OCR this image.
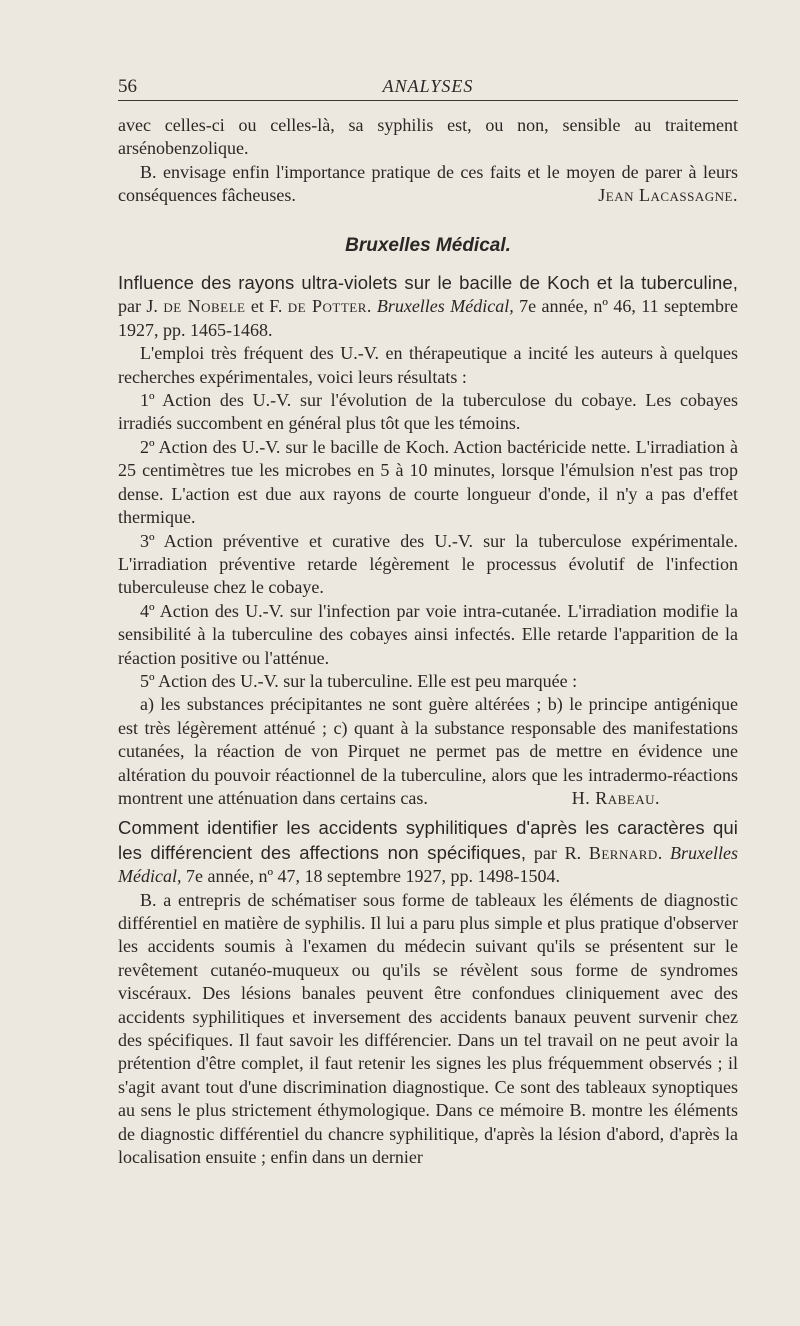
56	ANALYSES

avec celles-ci ou celles-là, sa syphilis est, ou non, sensible au traitement arsénobenzolique.

B. envisage enfin l'importance pratique de ces faits et le moyen de parer à leurs conséquences fâcheuses.	Jean Lacassagne.

Bruxelles Médical.

Influence des rayons ultra-violets sur le bacille de Koch et la tuberculine, par J. de Nobele et F. de Potter. Bruxelles Médical, 7e année, nº 46, 11 septembre 1927, pp. 1465-1468.

L'emploi très fréquent des U.-V. en thérapeutique a incité les auteurs à quelques recherches expérimentales, voici leurs résultats :

1º Action des U.-V. sur l'évolution de la tuberculose du cobaye. Les cobayes irradiés succombent en général plus tôt que les témoins.

2º Action des U.-V. sur le bacille de Koch. Action bactéricide nette. L'irradiation à 25 centimètres tue les microbes en 5 à 10 minutes, lorsque l'émulsion n'est pas trop dense. L'action est due aux rayons de courte longueur d'onde, il n'y a pas d'effet thermique.

3º Action préventive et curative des U.-V. sur la tuberculose expérimentale. L'irradiation préventive retarde légèrement le processus évolutif de l'infection tuberculeuse chez le cobaye.

4º Action des U.-V. sur l'infection par voie intra-cutanée. L'irradiation modifie la sensibilité à la tuberculine des cobayes ainsi infectés. Elle retarde l'apparition de la réaction positive ou l'atténue.

5º Action des U.-V. sur la tuberculine. Elle est peu marquée :

a) les substances précipitantes ne sont guère altérées ; b) le principe antigénique est très légèrement atténué ; c) quant à la substance responsable des manifestations cutanées, la réaction de von Pirquet ne permet pas de mettre en évidence une altération du pouvoir réactionnel de la tuberculine, alors que les intradermo-réactions montrent une atténuation dans certains cas.	H. Rabeau.

Comment identifier les accidents syphilitiques d'après les caractères qui les différencient des affections non spécifiques, par R. Bernard. Bruxelles Médical, 7e année, nº 47, 18 septembre 1927, pp. 1498-1504.

B. a entrepris de schématiser sous forme de tableaux les éléments de diagnostic différentiel en matière de syphilis. Il lui a paru plus simple et plus pratique d'observer les accidents soumis à l'examen du médecin suivant qu'ils se présentent sur le revêtement cutanéo-muqueux ou qu'ils se révèlent sous forme de syndromes viscéraux. Des lésions banales peuvent être confondues cliniquement avec des accidents syphilitiques et inversement des accidents banaux peuvent survenir chez des spécifiques. Il faut savoir les différencier. Dans un tel travail on ne peut avoir la prétention d'être complet, il faut retenir les signes les plus fréquemment observés ; il s'agit avant tout d'une discrimination diagnostique. Ce sont des tableaux synoptiques au sens le plus strictement éthymologique. Dans ce mémoire B. montre les éléments de diagnostic différentiel du chancre syphilitique, d'après la lésion d'abord, d'après la localisation ensuite ; enfin dans un dernier
